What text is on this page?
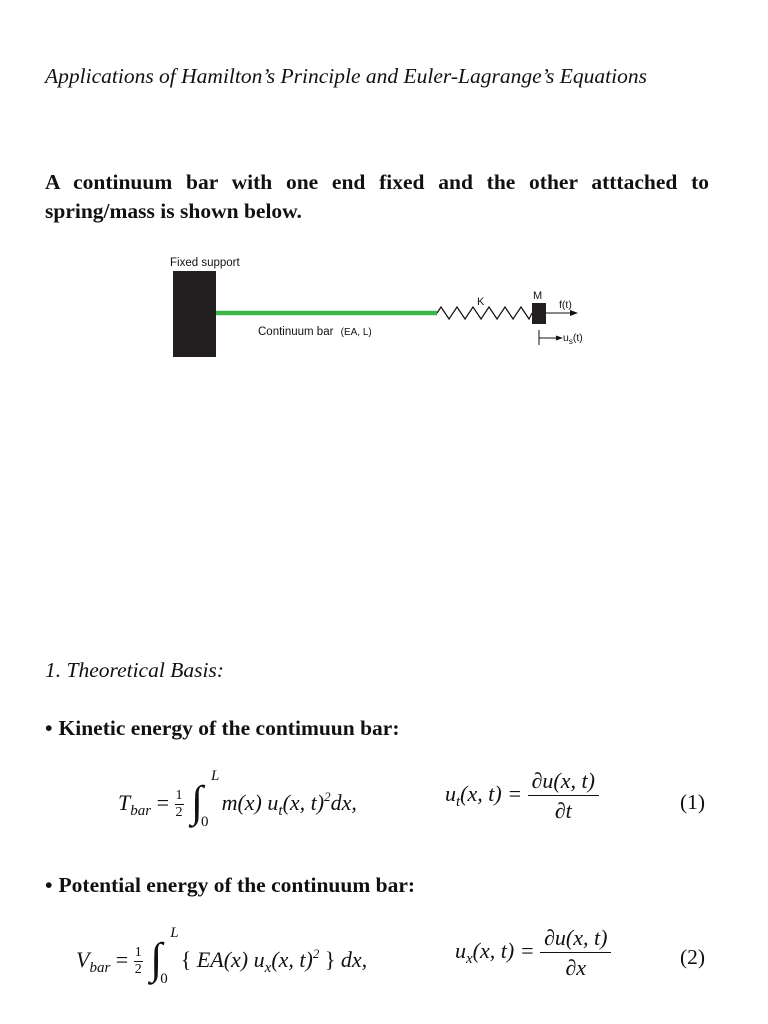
Applications of Hamilton’s Principle and Euler-Lagrange’s Equations
A continuum bar with one end fixed and the other atttached to spring/mass is shown below.
Fixed support
Continuum bar (EA, L)
K	M
f(t)
$u_s(t)$
1. Theoretical Basis:
• Kinetic energy of the contimuun bar:
$T_{bar} = \frac{1}{2}$ ∫
L
0
m(x) $u_t(x$, t)$^2$dx,	$u_t(x$, $t) = \frac{\partial u(x, t)}{\partial t}$	(1)
• Potential energy of the continuum bar:
$V_{bar} = \frac{1}{2}$ ∫
L
0
{ EA(x) $u_x(x$, t)$^2$ } dx,	$u_x(x$, $t) = \frac{\partial u(x, t)}{\partial x}$	(2)
